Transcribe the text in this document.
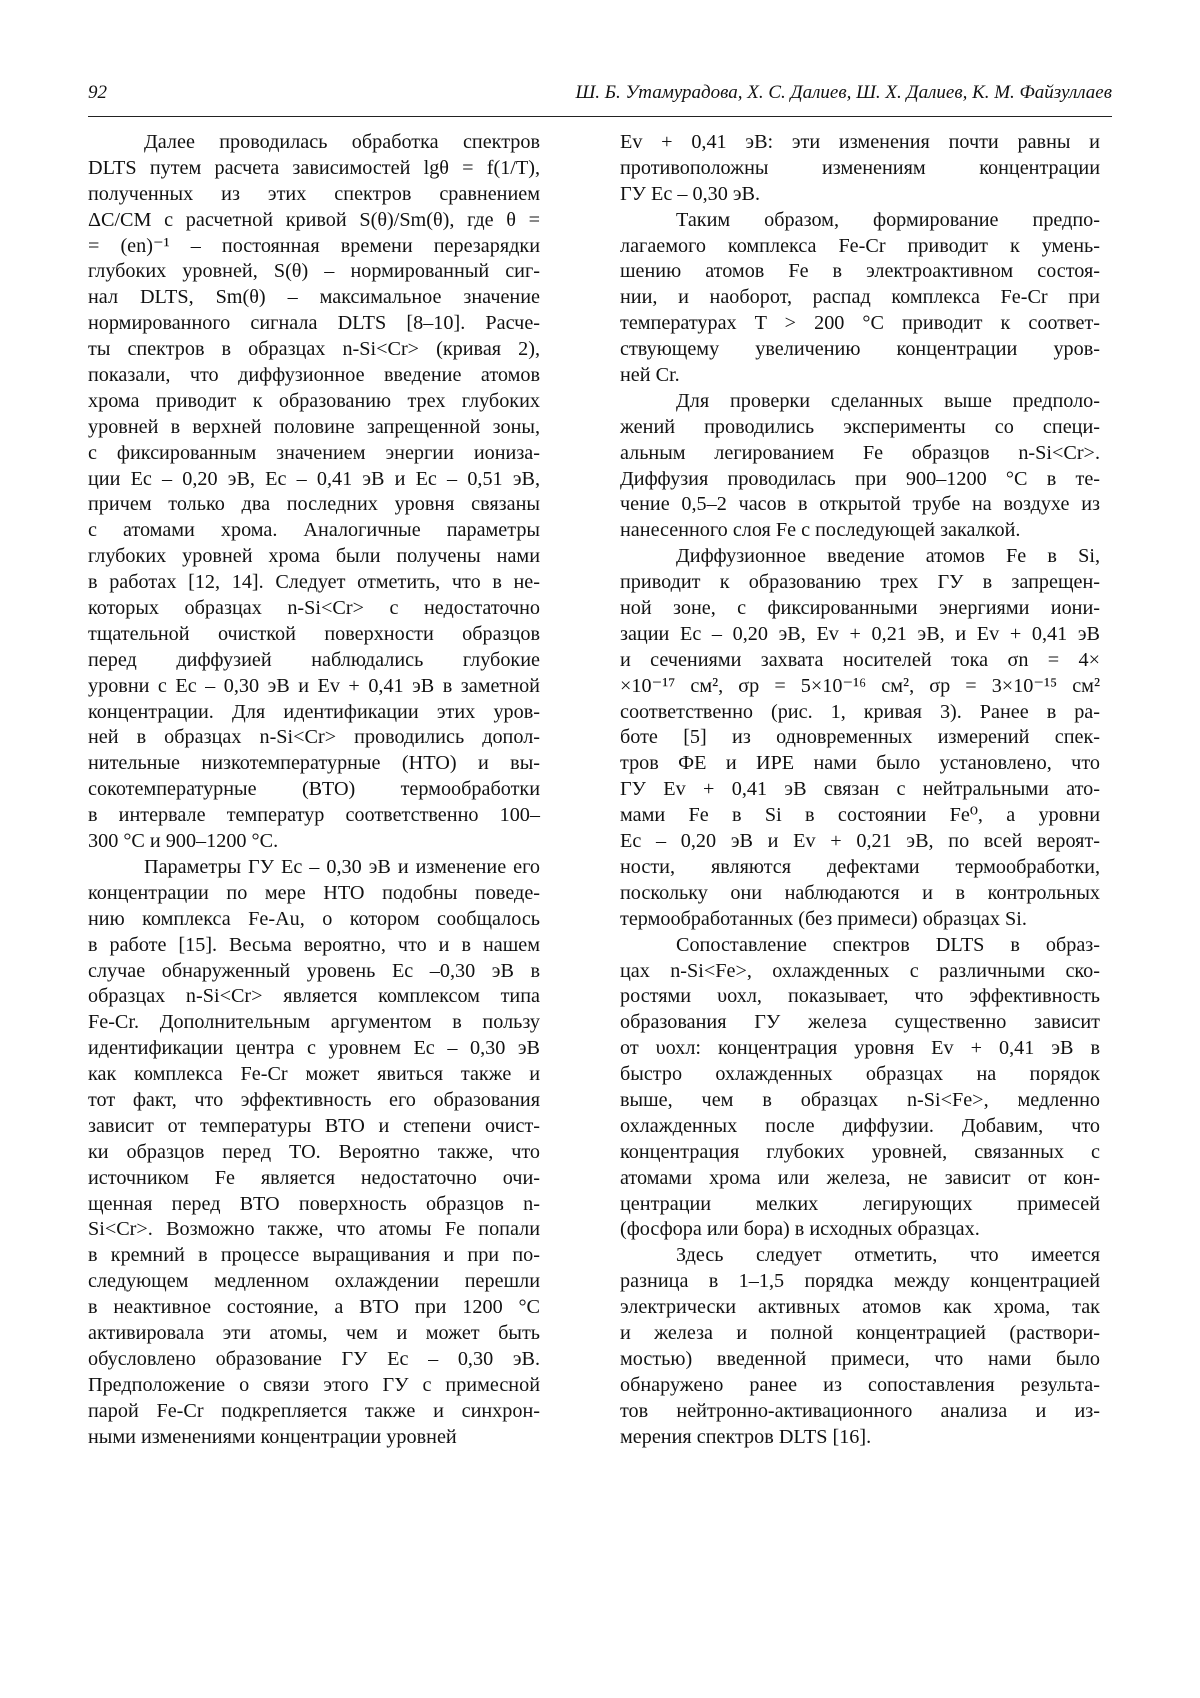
92	Ш. Б. Утамурадова, Х. С. Далиев, Ш. Х. Далиев, К. М. Файзуллаев
Далее проводилась обработка спектров
DLTS путем расчета зависимостей lgθ = f(1/T),
полученных из этих спектров сравнением
ΔC/CM с расчетной кривой S(θ)/Sm(θ), где θ =
= (en)⁻¹ – постоянная времени перезарядки
глубоких уровней, S(θ) – нормированный сиг-
нал DLTS, Sm(θ) – максимальное значение
нормированного сигнала DLTS [8–10]. Расче-
ты спектров в образцах n-Si<Cr> (кривая 2),
показали, что диффузионное введение атомов
хрома приводит к образованию трех глубоких
уровней в верхней половине запрещенной зоны,
с фиксированным значением энергии иониза-
ции Ec – 0,20 эВ, Ec – 0,41 эВ и Ec – 0,51 эВ,
причем только два последних уровня связаны
с атомами хрома. Аналогичные параметры
глубоких уровней хрома были получены нами
в работах [12, 14]. Следует отметить, что в не-
которых образцах n-Si<Cr> с недостаточно
тщательной очисткой поверхности образцов
перед диффузией наблюдались глубокие
уровни с Ec – 0,30 эВ и Ev + 0,41 эВ в заметной
концентрации. Для идентификации этих уров-
ней в образцах n-Si<Cr> проводились допол-
нительные низкотемпературные (НТО) и вы-
сокотемпературные (ВТО) термообработки
в интервале температур соответственно 100–
300 °С и 900–1200 °С.
Параметры ГУ Ec – 0,30 эВ и изменение его
концентрации по мере НТО подобны поведе-
нию комплекса Fe-Au, о котором сообщалось
в работе [15]. Весьма вероятно, что и в нашем
случае обнаруженный уровень Ec –0,30 эВ в
образцах n-Si<Cr> является комплексом типа
Fe-Cr. Дополнительным аргументом в пользу
идентификации центра с уровнем Ec – 0,30 эВ
как комплекса Fe-Cr может явиться также и
тот факт, что эффективность его образования
зависит от температуры ВТО и степени очист-
ки образцов перед ТО. Вероятно также, что
источником Fe является недостаточно очи-
щенная перед ВТО поверхность образцов n-
Si<Cr>. Возможно также, что атомы Fe попали
в кремний в процессе выращивания и при по-
следующем медленном охлаждении перешли
в неактивное состояние, а ВТО при 1200 °С
активировала эти атомы, чем и может быть
обусловлено образование ГУ Ec – 0,30 эВ.
Предположение о связи этого ГУ с примесной
парой Fe-Cr подкрепляется также и синхрон-
ными изменениями концентрации уровней
Ev + 0,41 эВ: эти изменения почти равны и
противоположны изменениям концентрации
ГУ Ec – 0,30 эВ.
Таким образом, формирование предпо-
лагаемого комплекса Fe-Cr приводит к умень-
шению атомов Fe в электроактивном состоя-
нии, и наоборот, распад комплекса Fe-Cr при
температурах T > 200 °С приводит к соответ-
ствующему увеличению концентрации уров-
ней Cr.
Для проверки сделанных выше предполо-
жений проводились эксперименты со специ-
альным легированием Fe образцов n-Si<Cr>.
Диффузия проводилась при 900–1200 °С в те-
чение 0,5–2 часов в открытой трубе на воздухе из
нанесенного слоя Fe с последующей закалкой.
Диффузионное введение атомов Fe в Si,
приводит к образованию трех ГУ в запрещен-
ной зоне, с фиксированными энергиями иони-
зации Ec – 0,20 эВ, Ev + 0,21 эВ, и Ev + 0,41 эВ
и сечениями захвата носителей тока σn = 4×
×10⁻¹⁷ см², σp = 5×10⁻¹⁶ см², σp = 3×10⁻¹⁵ см²
соответственно (рис. 1, кривая 3). Ранее в ра-
боте [5] из одновременных измерений спек-
тров ФЕ и ИРЕ нами было установлено, что
ГУ Ev + 0,41 эВ связан с нейтральными ато-
мами Fe в Si в состоянии Fe⁰, а уровни
Ec – 0,20 эВ и Ev + 0,21 эВ, по всей вероят-
ности, являются дефектами термообработки,
поскольку они наблюдаются и в контрольных
термообработанных (без примеси) образцах Si.
Сопоставление спектров DLTS в образ-
цах n-Si<Fe>, охлажденных с различными ско-
ростями υохл, показывает, что эффективность
образования ГУ железа существенно зависит
от υохл: концентрация уровня Ev + 0,41 эВ в
быстро охлажденных образцах на порядок
выше, чем в образцах n-Si<Fe>, медленно
охлажденных после диффузии. Добавим, что
концентрация глубоких уровней, связанных с
атомами хрома или железа, не зависит от кон-
центрации мелких легирующих примесей
(фосфора или бора) в исходных образцах.
Здесь следует отметить, что имеется
разница в 1–1,5 порядка между концентрацией
электрически активных атомов как хрома, так
и железа и полной концентрацией (раствори-
мостью) введенной примеси, что нами было
обнаружено ранее из сопоставления результа-
тов нейтронно-активационного анализа и из-
мерения спектров DLTS [16].
